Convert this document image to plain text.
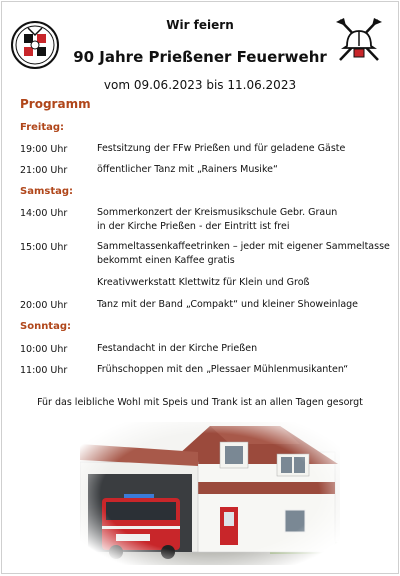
Wir feiern
90 Jahre Prießener Feuerwehr
vom 09.06.2023 bis 11.06.2023
Programm
Freitag:
19:00 Uhr	Festsitzung der FFw Prießen und für geladene Gäste
21:00 Uhr	öffentlicher Tanz mit „Rainers Musike“
Samstag:
14:00 Uhr	Sommerkonzert der Kreismusikschule Gebr. Graun
in der Kirche Prießen - der Eintritt ist frei
15:00 Uhr	Sammeltassenkaffeetrinken – jeder mit eigener Sammeltasse
bekommt einen Kaffee gratis
Kreativwerkstatt Klettwitz für Klein und Groß
20:00 Uhr	Tanz mit der Band „Compakt“ und kleiner Showeinlage
Sonntag:
10:00 Uhr	Festandacht in der Kirche Prießen
11:00 Uhr	Frühschoppen mit den „Plessaer Mühlenmusikanten“
Für das leibliche Wohl mit Speis und Trank ist an allen Tagen gesorgt
